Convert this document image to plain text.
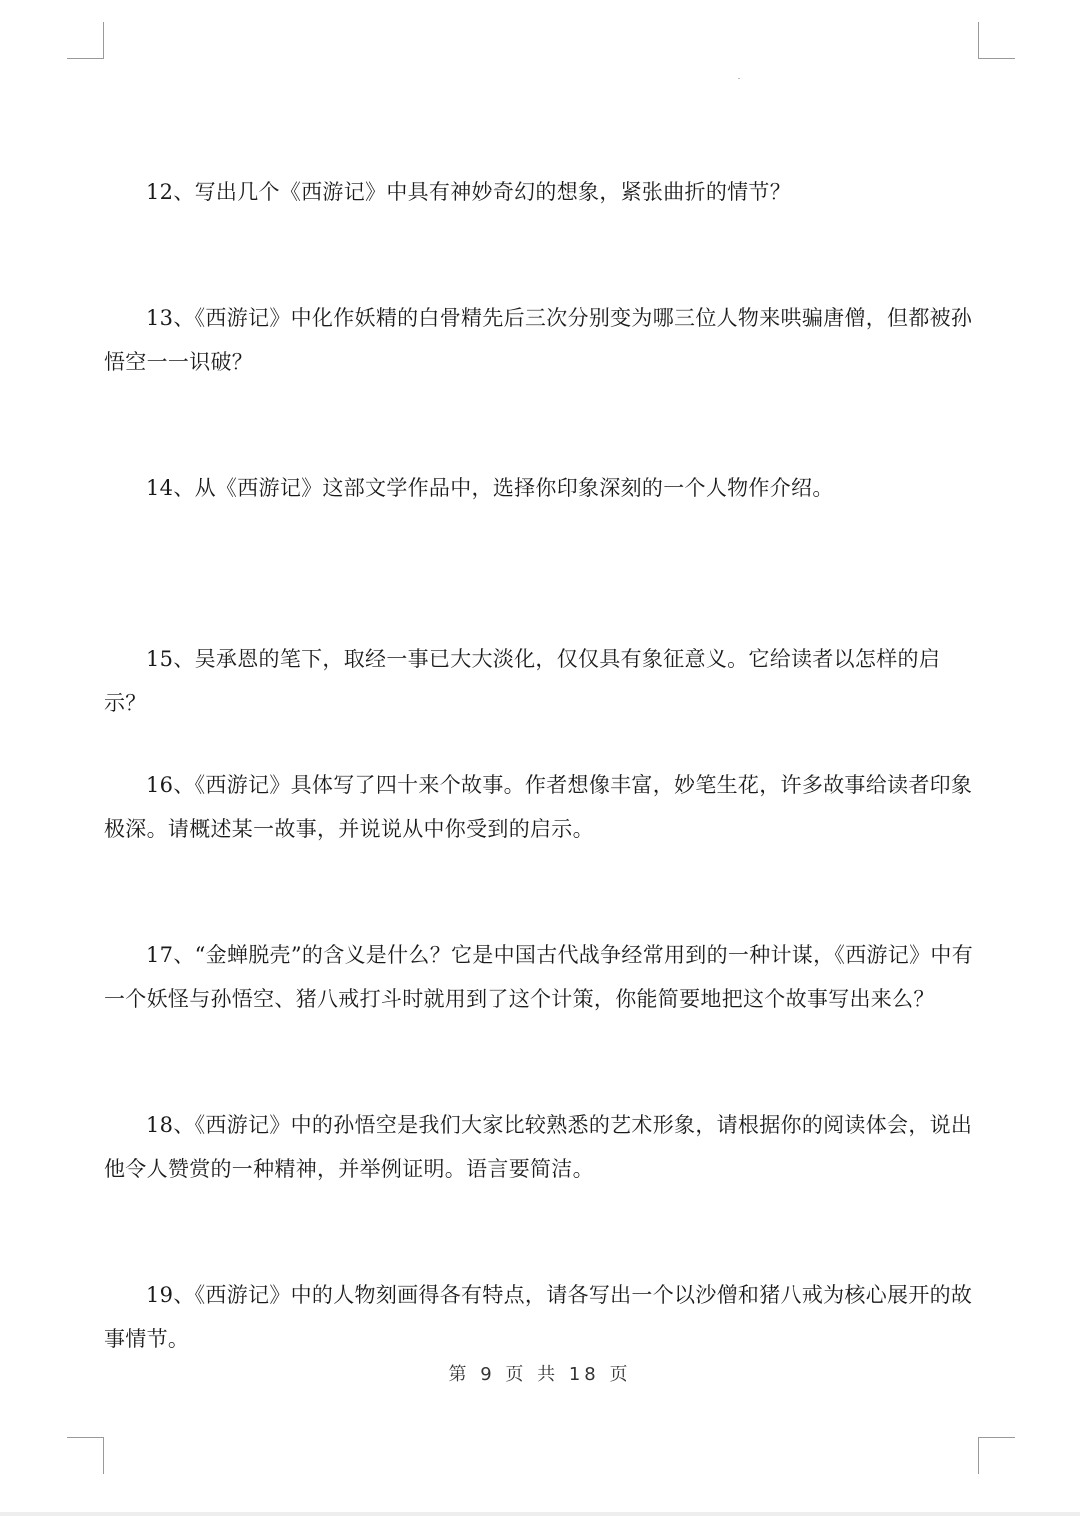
12、写出几个《西游记》中具有神妙奇幻的想象，紧张曲折的情节？

13、《西游记》中化作妖精的白骨精先后三次分别变为哪三位人物来哄骗唐僧，但都被孙悟空一一识破？

14、从《西游记》这部文学作品中，选择你印象深刻的一个人物作介绍。

15、吴承恩的笔下，取经一事已大大淡化，仅仅具有象征意义。它给读者以怎样的启示？

16、《西游记》具体写了四十来个故事。作者想像丰富，妙笔生花，许多故事给读者印象极深。请概述某一故事，并说说从中你受到的启示。

17、“金蝉脱壳”的含义是什么？它是中国古代战争经常用到的一种计谋，《西游记》中有一个妖怪与孙悟空、猪八戒打斗时就用到了这个计策，你能简要地把这个故事写出来么？

18、《西游记》中的孙悟空是我们大家比较熟悉的艺术形象，请根据你的阅读体会，说出他令人赞赏的一种精神，并举例证明。语言要简洁。

19、《西游记》中的人物刻画得各有特点，请各写出一个以沙僧和猪八戒为核心展开的故事情节。

第 9 页 共 18 页
